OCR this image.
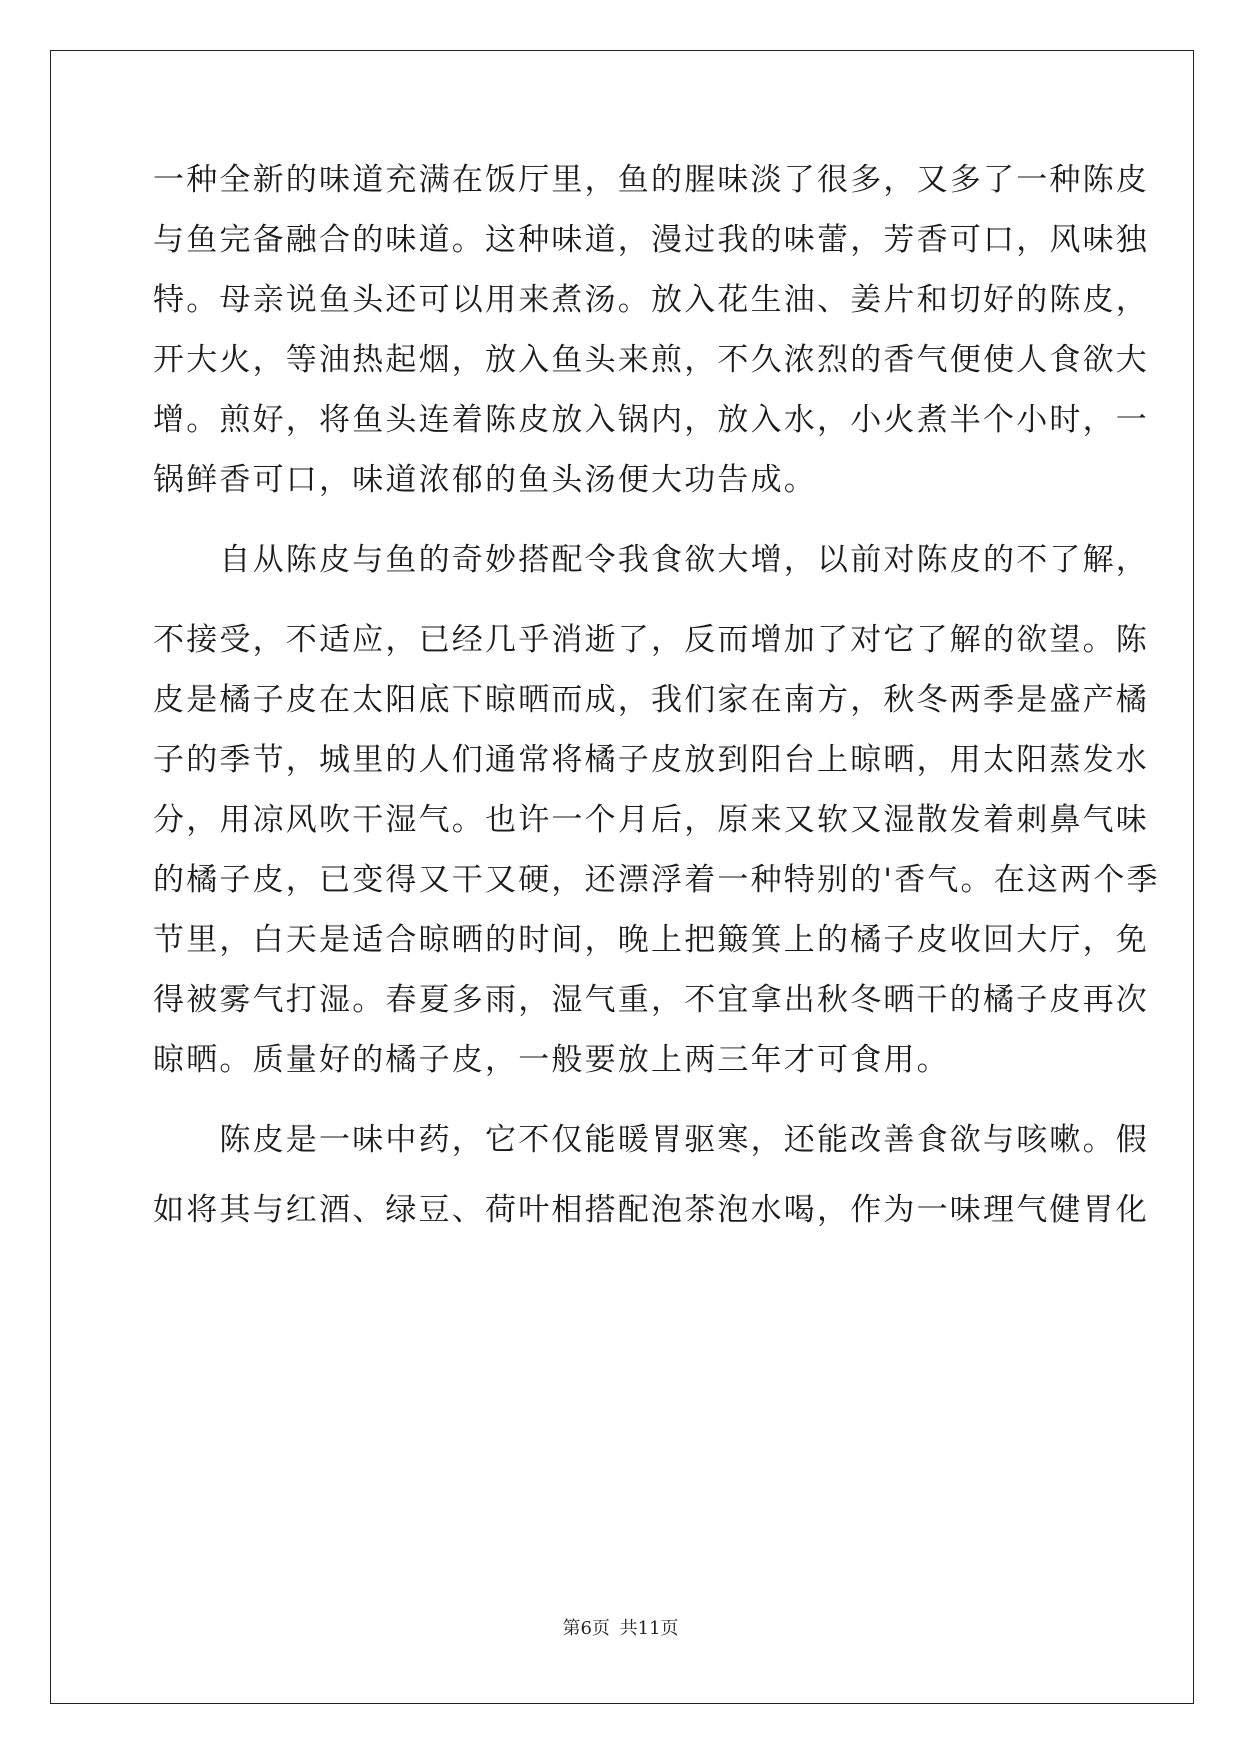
一种全新的味道充满在饭厅里，鱼的腥味淡了很多，又多了一种陈皮
与鱼完备融合的味道。这种味道，漫过我的味蕾，芳香可口，风味独
特。母亲说鱼头还可以用来煮汤。放入花生油、姜片和切好的陈皮，
开大火，等油热起烟，放入鱼头来煎，不久浓烈的香气便使人食欲大
增。煎好，将鱼头连着陈皮放入锅内，放入水，小火煮半个小时，一
锅鲜香可口，味道浓郁的鱼头汤便大功告成。
　　自从陈皮与鱼的奇妙搭配令我食欲大增，以前对陈皮的不了解，
不接受，不适应，已经几乎消逝了，反而增加了对它了解的欲望。陈
皮是橘子皮在太阳底下晾晒而成，我们家在南方，秋冬两季是盛产橘
子的季节，城里的人们通常将橘子皮放到阳台上晾晒，用太阳蒸发水
分，用凉风吹干湿气。也许一个月后，原来又软又湿散发着刺鼻气味
的橘子皮，已变得又干又硬，还漂浮着一种特别的'香气。在这两个季
节里，白天是适合晾晒的时间，晚上把簸箕上的橘子皮收回大厅，免
得被雾气打湿。春夏多雨，湿气重，不宜拿出秋冬晒干的橘子皮再次
晾晒。质量好的橘子皮，一般要放上两三年才可食用。
　　陈皮是一味中药，它不仅能暖胃驱寒，还能改善食欲与咳嗽。假
如将其与红酒、绿豆、荷叶相搭配泡茶泡水喝，作为一味理气健胃化
第6页 共11页
